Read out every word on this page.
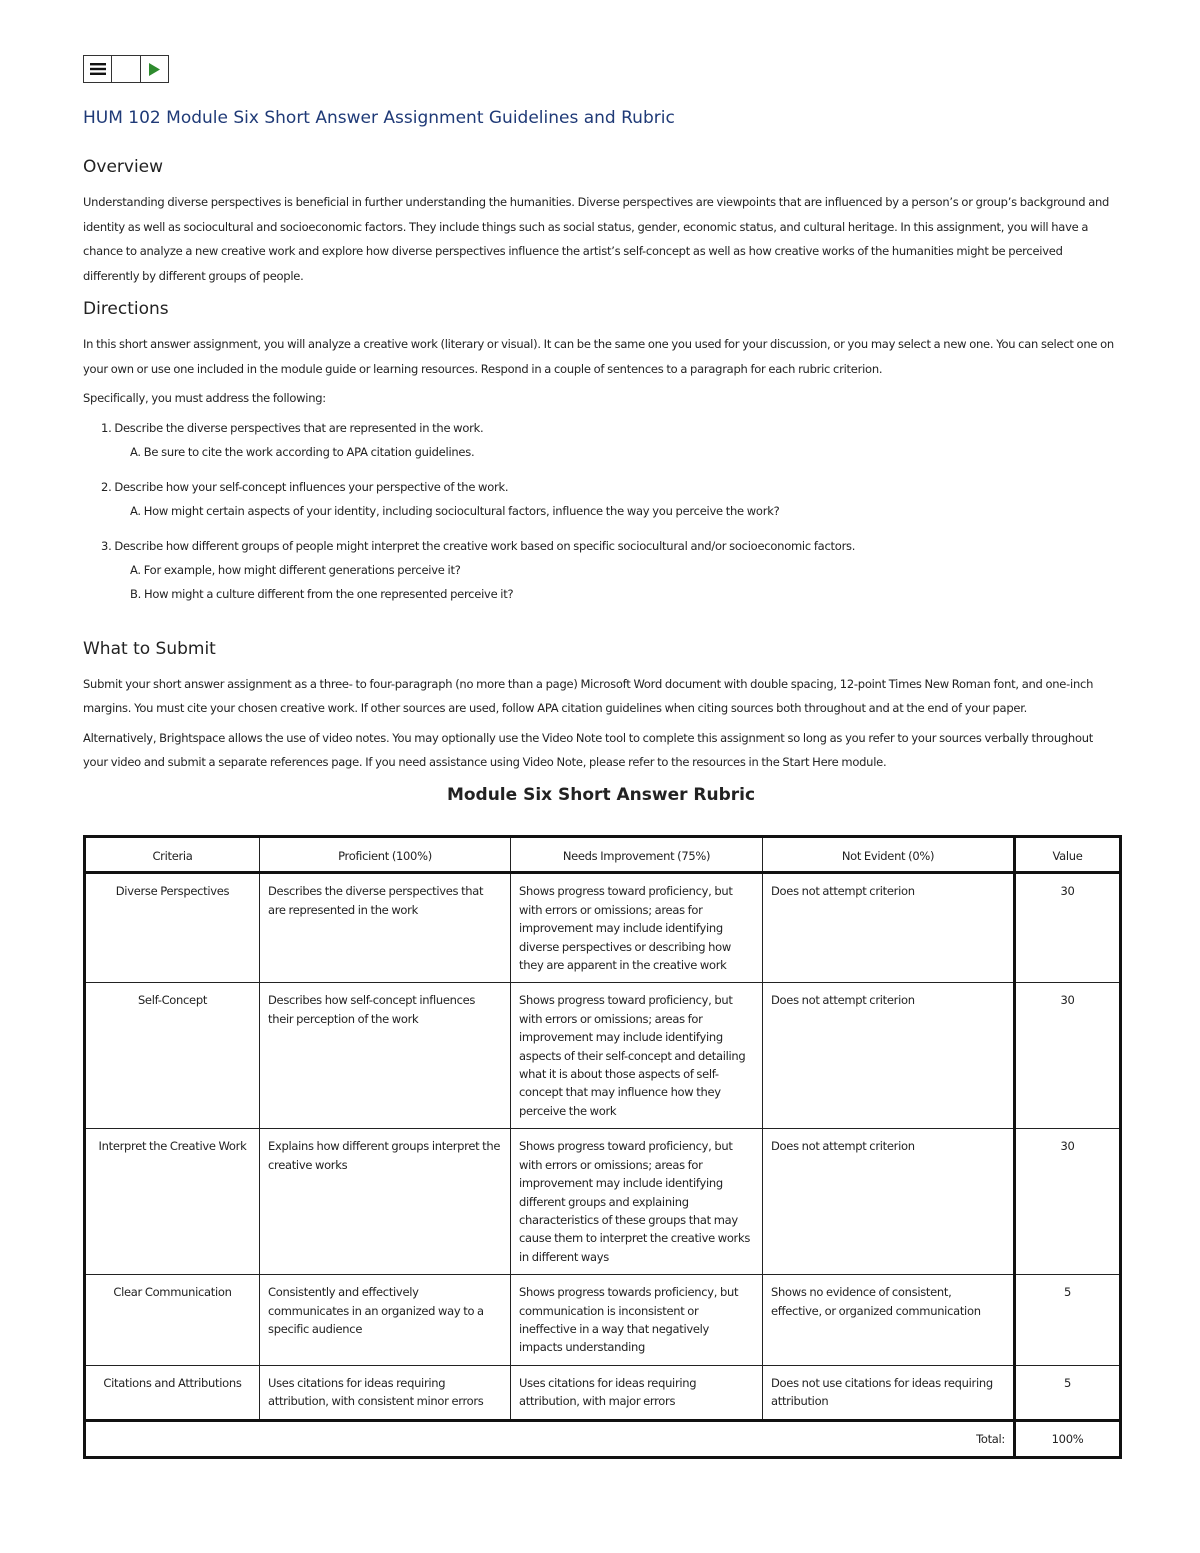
HUM 102 Module Six Short Answer Assignment Guidelines and Rubric
Overview

Understanding diverse perspectives is beneficial in further understanding the humanities. Diverse perspectives are viewpoints that are influenced by a person’s or group’s background and identity as well as sociocultural and socioeconomic factors. They include things such as social status, gender, economic status, and cultural heritage. In this assignment, you will have a chance to analyze a new creative work and explore how diverse perspectives influence the artist’s self-concept as well as how creative works of the humanities might be perceived differently by different groups of people.

Directions

In this short answer assignment, you will analyze a creative work (literary or visual). It can be the same one you used for your discussion, or you may select a new one. You can select one on your own or use one included in the module guide or learning resources. Respond in a couple of sentences to a paragraph for each rubric criterion.

Specifically, you must address the following:

1. Describe the diverse perspectives that are represented in the work.
A. Be sure to cite the work according to APA citation guidelines.
2. Describe how your self-concept influences your perspective of the work.
A. How might certain aspects of your identity, including sociocultural factors, influence the way you perceive the work?
3. Describe how different groups of people might interpret the creative work based on specific sociocultural and/or socioeconomic factors.
A. For example, how might different generations perceive it?
B. How might a culture different from the one represented perceive it?
What to Submit

Submit your short answer assignment as a three- to four-paragraph (no more than a page) Microsoft Word document with double spacing, 12-point Times New Roman font, and one-inch margins. You must cite your chosen creative work. If other sources are used, follow APA citation guidelines when citing sources both throughout and at the end of your paper.

Alternatively, Brightspace allows the use of video notes. You may optionally use the Video Note tool to complete this assignment so long as you refer to your sources verbally throughout your video and submit a separate references page. If you need assistance using Video Note, please refer to the resources in the Start Here module.

Module Six Short Answer Rubric
Criteria	Proficient (100%)	Needs Improvement (75%)	Not Evident (0%)	Value
Diverse Perspectives	Describes the diverse perspectives that are represented in the work	Shows progress toward proficiency, but with errors or omissions; areas for improvement may include identifying diverse perspectives or describing how they are apparent in the creative work	Does not attempt criterion	30
Self-Concept	Describes how self-concept influences their perception of the work	Shows progress toward proficiency, but with errors or omissions; areas for improvement may include identifying aspects of their self-concept and detailing what it is about those aspects of self-concept that may influence how they perceive the work	Does not attempt criterion	30
Interpret the Creative Work	Explains how different groups interpret the creative works	Shows progress toward proficiency, but with errors or omissions; areas for improvement may include identifying different groups and explaining characteristics of these groups that may cause them to interpret the creative works in different ways	Does not attempt criterion	30
Clear Communication	Consistently and effectively communicates in an organized way to a specific audience	Shows progress towards proficiency, but communication is inconsistent or ineffective in a way that negatively impacts understanding	Shows no evidence of consistent, effective, or organized communication	5
Citations and Attributions	Uses citations for ideas requiring attribution, with consistent minor errors	Uses citations for ideas requiring attribution, with major errors	Does not use citations for ideas requiring attribution	5
Total:				100%
